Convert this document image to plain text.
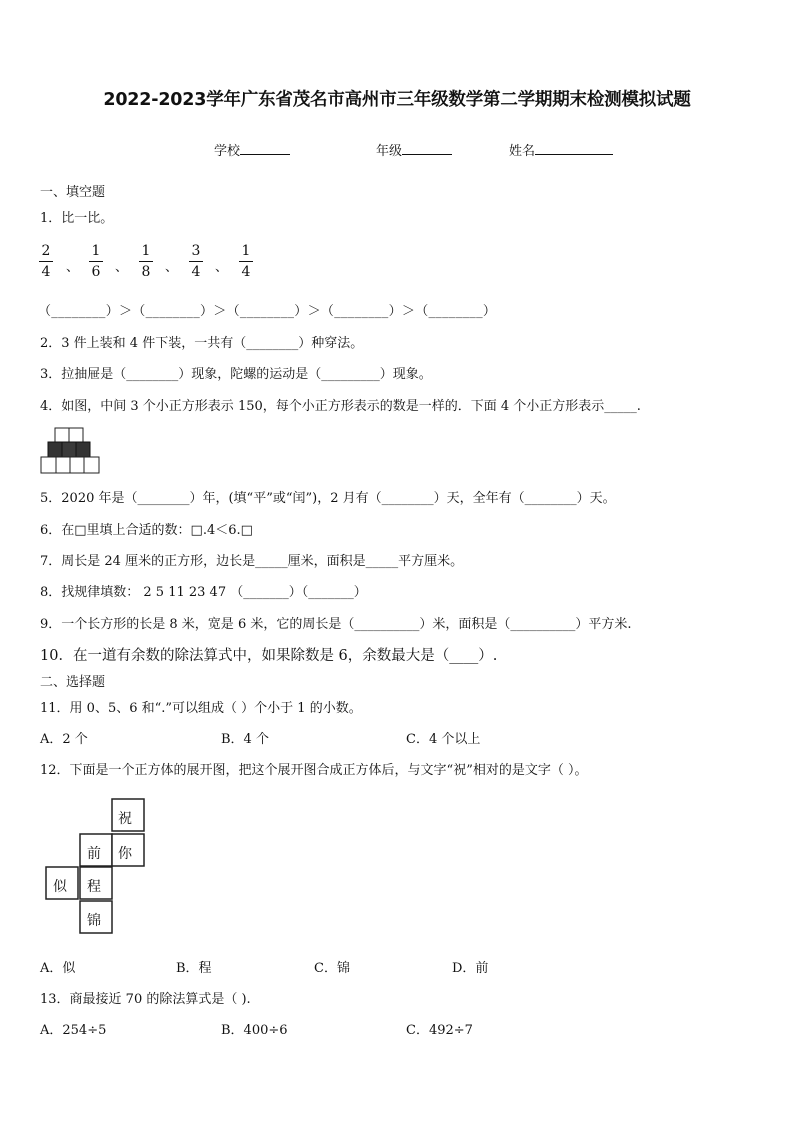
2022-2023学年广东省茂名市高州市三年级数学第二学期期末检测模拟试题
学校	年级	姓名
一、填空题
1．比一比。
2
4 、
1
6 、
1
8 、
3
4 、
1
4
（________）＞（________）＞（________）＞（________）＞（________）
2．3 件上装和 4 件下装，一共有（________）种穿法。
3．拉抽屉是（________）现象，陀螺的运动是（_________）现象。
4．如图，中间 3 个小正方形表示 150，每个小正方形表示的数是一样的．下面 4 个小正方形表示_____.
5．2020 年是（________）年，(填“平”或“闰”)，2 月有（________）天，全年有（________）天。
6．在□里填上合适的数：□.4＜6.□
7．周长是 24 厘米的正方形，边长是_____厘米，面积是_____平方厘米。
8．找规律填数： 2 5 11 23 47 （_______）（_______）
9．一个长方形的长是 8 米，宽是 6 米，它的周长是（__________）米，面积是（__________）平方米.
10．在一道有余数的除法算式中，如果除数是 6，余数最大是（____）.
二、选择题
11．用 0、5、6 和“.”可以组成（ ）个小于 1 的小数。
A．2 个	B．4 个	C．4 个以上
12．下面是一个正方体的展开图，把这个展开图合成正方体后，与文字“祝”相对的是文字（ ）。
祝
前 你
似 程
锦
A．似	B．程	C．锦	D．前
13．商最接近 70 的除法算式是（ ).
A．254÷5	B．400÷6	C．492÷7
